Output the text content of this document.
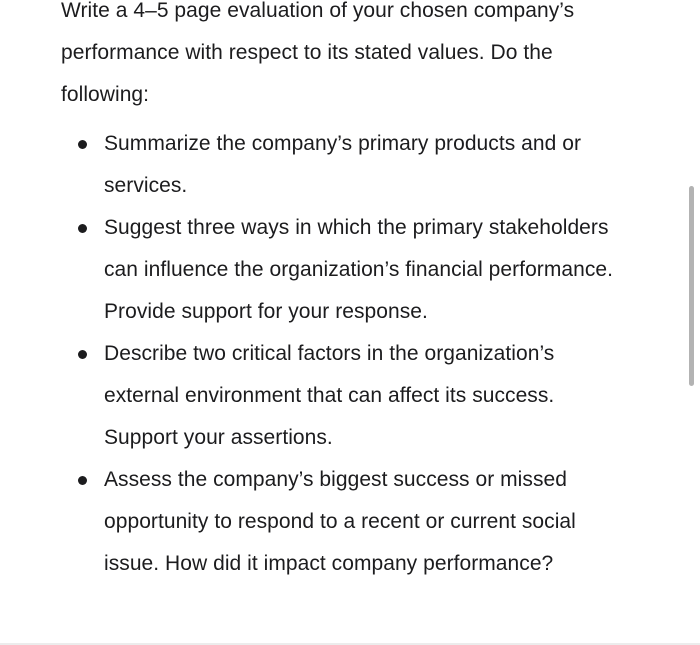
Write a 4–5 page evaluation of your chosen company’s performance with respect to its stated values. Do the following:

Summarize the company’s primary products and or services.
Suggest three ways in which the primary stakeholders can influence the organization’s financial performance. Provide support for your response.
Describe two critical factors in the organization’s external environment that can affect its success. Support your assertions.
Assess the company’s biggest success or missed opportunity to respond to a recent or current social issue. How did it impact company performance?
